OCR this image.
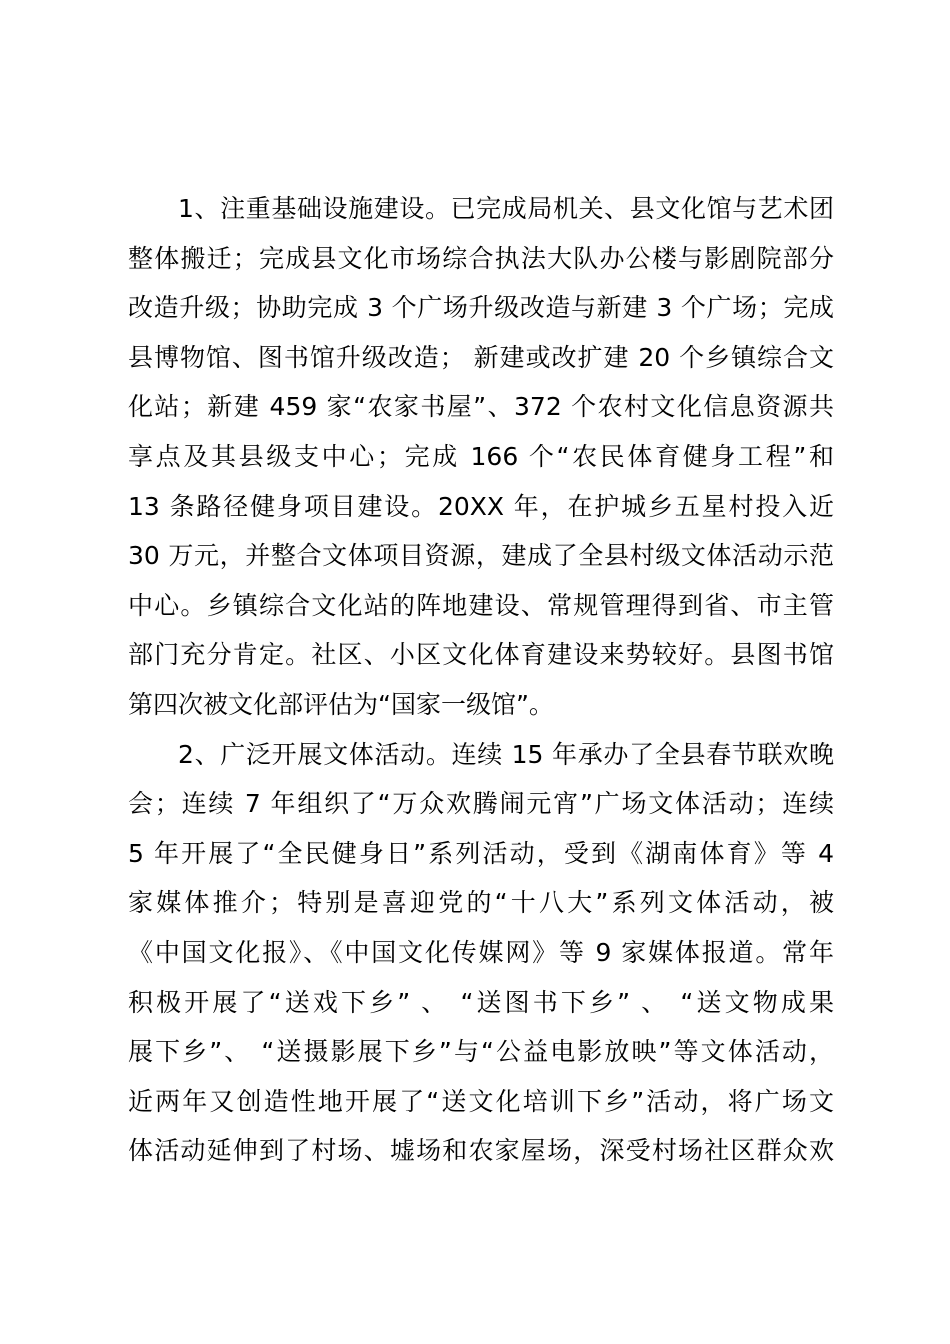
1、注重基础设施建设。已完成局机关、县文化馆与艺术团
整体搬迁；完成县文化市场综合执法大队办公楼与影剧院部分
改造升级；协助完成 3 个广场升级改造与新建 3 个广场；完成
县博物馆、图书馆升级改造； 新建或改扩建 20 个乡镇综合文
化站；新建 459 家“农家书屋”、372 个农村文化信息资源共
享点及其县级支中心；完成 166 个“农民体育健身工程”和
13 条路径健身项目建设。20XX 年，在护城乡五星村投入近
30 万元，并整合文体项目资源，建成了全县村级文体活动示范
中心。乡镇综合文化站的阵地建设、常规管理得到省、市主管
部门充分肯定。社区、小区文化体育建设来势较好。县图书馆
第四次被文化部评估为“国家一级馆”。
2、广泛开展文体活动。连续 15 年承办了全县春节联欢晚
会；连续 7 年组织了“万众欢腾闹元宵”广场文体活动；连续
5 年开展了“全民健身日”系列活动，受到《湖南体育》等 4
家媒体推介；特别是喜迎党的“十八大”系列文体活动，被
《中国文化报》、《中国文化传媒网》等 9 家媒体报道。常年
积极开展了“送戏下乡” 、 “送图书下乡” 、 “送文物成果
展下乡”、 “送摄影展下乡”与“公益电影放映”等文体活动，
近两年又创造性地开展了“送文化培训下乡”活动，将广场文
体活动延伸到了村场、墟场和农家屋场，深受村场社区群众欢
